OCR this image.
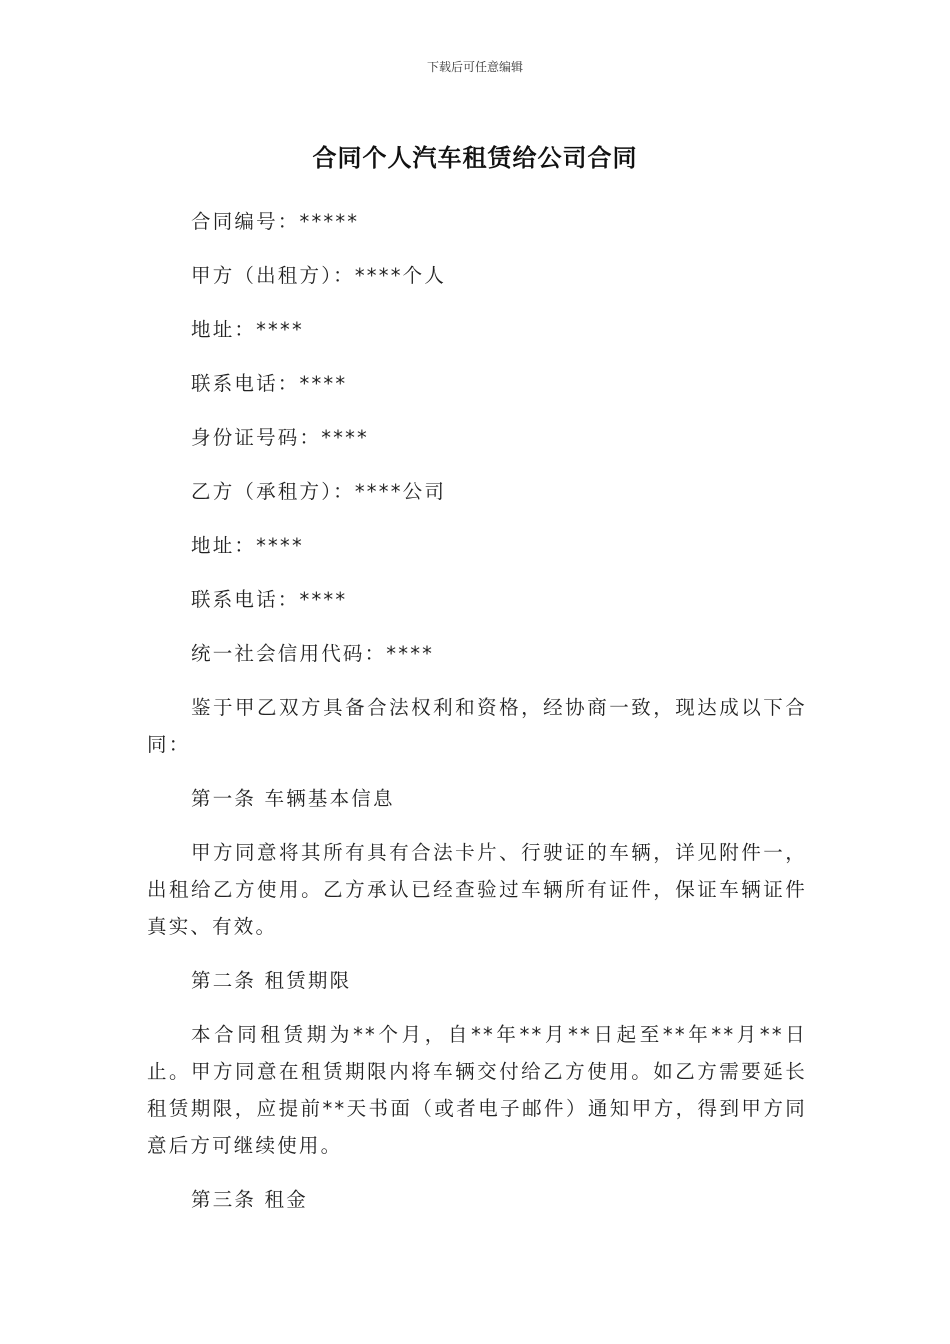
下载后可任意编辑
合同个人汽车租赁给公司合同
合同编号：*****
甲方（出租方）：****个人
地址：****
联系电话：****
身份证号码：****
乙方（承租方）：****公司
地址：****
联系电话：****
统一社会信用代码：****
鉴于甲乙双方具备合法权利和资格，经协商一致，现达成以下合同：
第一条 车辆基本信息
甲方同意将其所有具有合法卡片、行驶证的车辆，详见附件一，出租给乙方使用。乙方承认已经查验过车辆所有证件，保证车辆证件真实、有效。
第二条 租赁期限
本合同租赁期为**个月，自**年**月**日起至**年**月**日止。甲方同意在租赁期限内将车辆交付给乙方使用。如乙方需要延长租赁期限，应提前**天书面（或者电子邮件）通知甲方，得到甲方同意后方可继续使用。
第三条 租金
